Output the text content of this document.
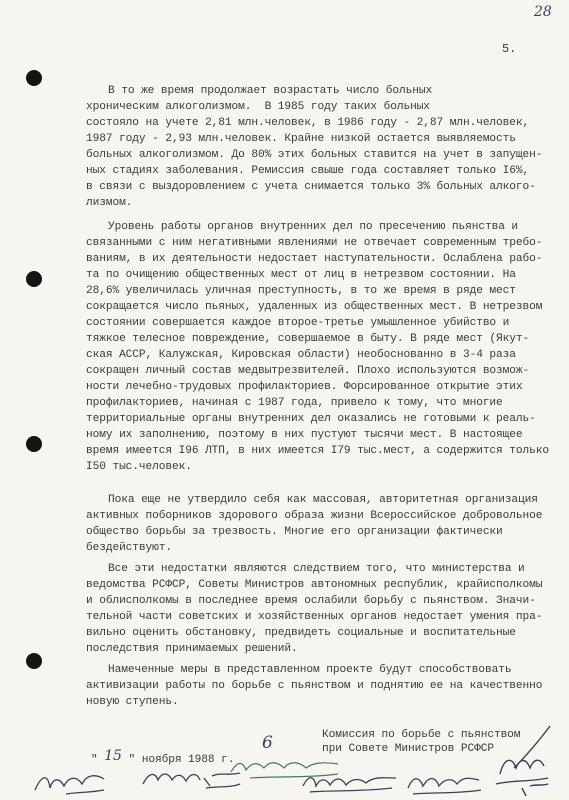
28
5.
В то же время продолжает возрастать число больных
хроническим алкоголизмом.  В 1985 году таких больных
состояло на учете 2,81 млн.человек, в 1986 году - 2,87 млн.человек,
1987 году - 2,93 млн.человек. Крайне низкой остается выявляемость
больных алкоголизмом. До 80% этих больных ставится на учет в запущен-
ных стадиях заболевания. Ремиссия свыше года составляет только I6%,
в связи с выздоровлением с учета снимается только 3% больных алкого-
лизмом.
Уровень работы органов внутренних дел по пресечению пьянства и
связанными с ним негативными явлениями не отвечает современным требо-
ваниям, в их деятельности недостает наступательности. Ослаблена рабо-
та по очищению общественных мест от лиц в нетрезвом состоянии. На
28,6% увеличилась уличная преступность, в то же время в ряде мест
сокращается число пьяных, удаленных из общественных мест. В нетрезвом
состоянии совершается каждое второе-третье умышленное убийство и
тяжкое телесное повреждение, совершаемое в быту. В ряде мест (Якут-
ская АССР, Калужская, Кировская области) необоснованно в 3-4 раза
сокращен личный состав медвытрезвителей. Плохо используются возмож-
ности лечебно-трудовых профилакториев. Форсированное открытие этих
профилакториев, начиная с 1987 года, привело к тому, что многие
территориальные органы внутренних дел оказались не готовыми к реаль-
ному их заполнению, поэтому в них пустуют тысячи мест. В настоящее
время имеется I96 ЛТП, в них имеется I79 тыс.мест, а содержится только
I50 тыс.человек.
Пока еще не утвердило себя как массовая, авторитетная организация
активных поборников здорового образа жизни Всероссийское добровольное
общество борьбы за трезвость. Многие его организации фактически
бездействуют.
Все эти недостатки являются следствием того, что министерства и
ведомства РСФСР, Советы Министров автономных республик, крайисполкомы
и облисполкомы в последнее время ослабили борьбу с пьянством. Значи-
тельной части советских и хозяйственных органов недостает умения пра-
вильно оценить обстановку, предвидеть социальные и воспитательные
последствия принимаемых решений.
Намеченные меры в представленном проекте будут способствовать
активизации работы по борьбе с пьянством и поднятию ее на качественно
новую ступень.
Комиссия по борьбе с пьянством
при Совете Министров РСФСР
" 15 " ноября 1988 г.
6
